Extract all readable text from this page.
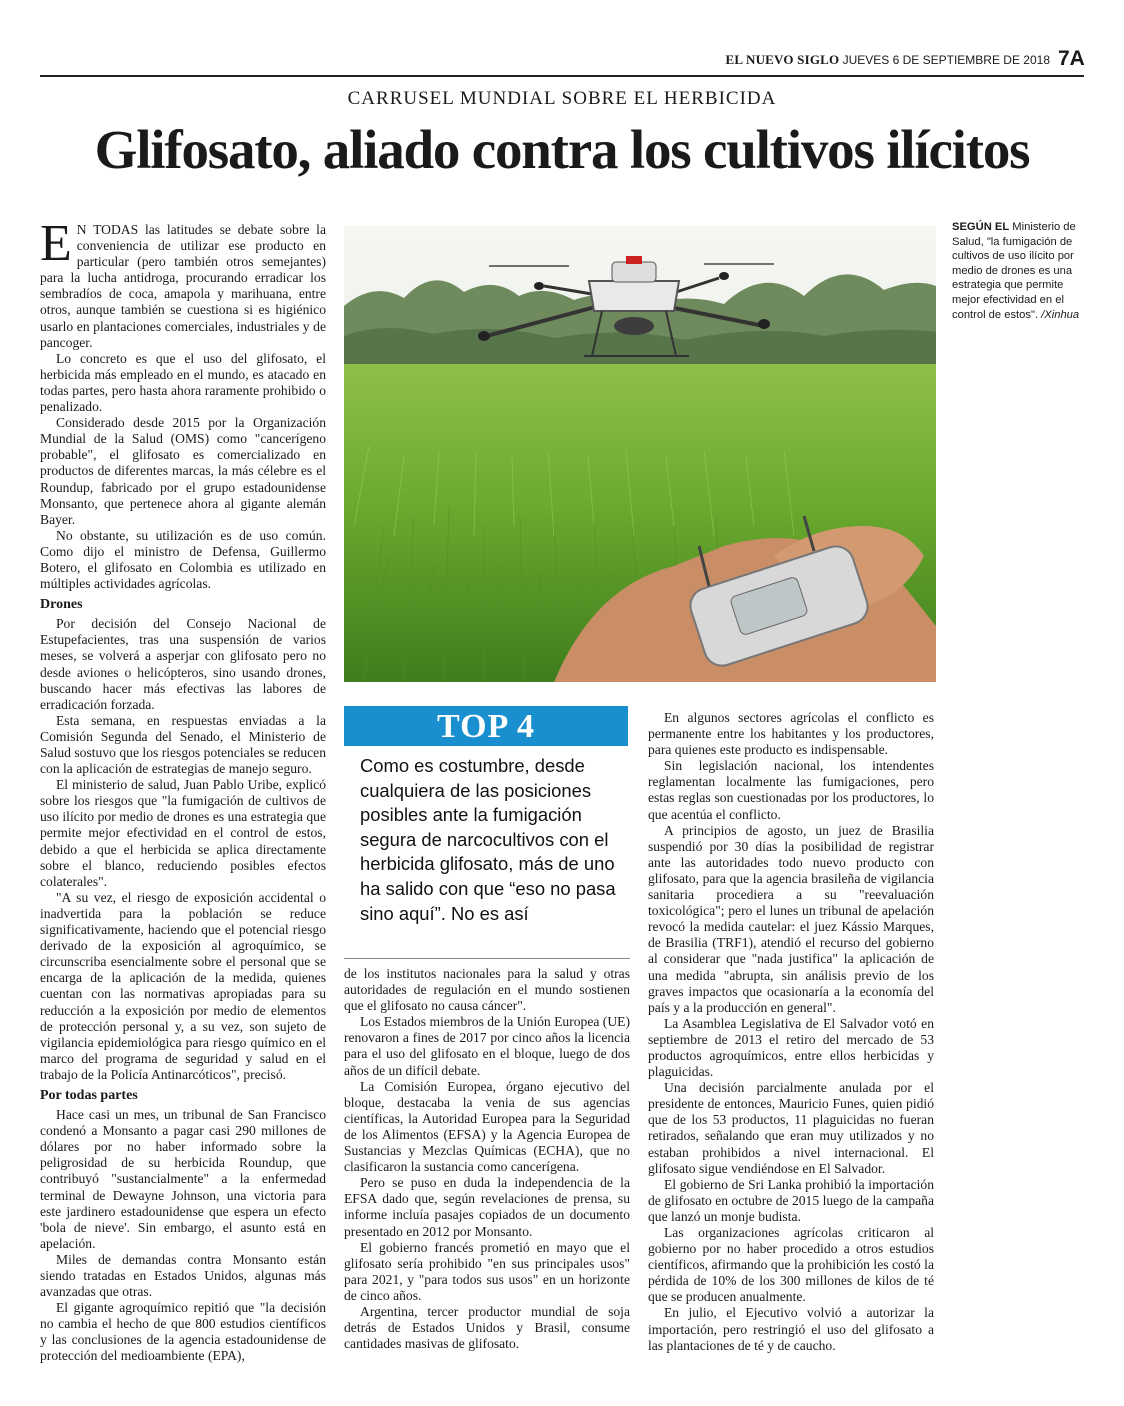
EL NUEVO SIGLO JUEVES 6 DE SEPTIEMBRE DE 2018 7A
CARRUSEL MUNDIAL SOBRE EL HERBICIDA
Glifosato, aliado contra los cultivos ilícitos

E N TODAS las latitudes se debate sobre la conveniencia de utilizar ese producto en particular (pero también otros semejantes) para la lucha antidroga, procurando erradicar los sembradíos de coca, amapola y marihuana, entre otros, aunque también se cuestiona si es higiénico usarlo en plantaciones comerciales, industriales y de pancoger.

Lo concreto es que el uso del glifosato, el herbicida más empleado en el mundo, es atacado en todas partes, pero hasta ahora raramente prohibido o penalizado.

Considerado desde 2015 por la Organización Mundial de la Salud (OMS) como "cancerígeno probable", el glifosato es comercializado en productos de diferentes marcas, la más célebre es el Roundup, fabricado por el grupo estadounidense Monsanto, que pertenece ahora al gigante alemán Bayer.

No obstante, su utilización es de uso común. Como dijo el ministro de Defensa, Guillermo Botero, el glifosato en Colombia es utilizado en múltiples actividades agrícolas.

Drones

Por decisión del Consejo Nacional de Estupefacientes, tras una suspensión de varios meses, se volverá a asperjar con glifosato pero no desde aviones o helicópteros, sino usando drones, buscando hacer más efectivas las labores de erradicación forzada.

Esta semana, en respuestas enviadas a la Comisión Segunda del Senado, el Ministerio de Salud sostuvo que los riesgos potenciales se reducen con la aplicación de estrategias de manejo seguro.

El ministerio de salud, Juan Pablo Uribe, explicó sobre los riesgos que "la fumigación de cultivos de uso ilícito por medio de drones es una estrategia que permite mejor efectividad en el control de estos, debido a que el herbicida se aplica directamente sobre el blanco, reduciendo posibles efectos colaterales".

"A su vez, el riesgo de exposición accidental o inadvertida para la población se reduce significativamente, haciendo que el potencial riesgo derivado de la exposición al agroquímico, se circunscriba esencialmente sobre el personal que se encarga de la aplicación de la medida, quienes cuentan con las normativas apropiadas para su reducción a la exposición por medio de elementos de protección personal y, a su vez, son sujeto de vigilancia epidemiológica para riesgo químico en el marco del programa de seguridad y salud en el trabajo de la Policía Antinarcóticos", precisó.

Por todas partes

Hace casi un mes, un tribunal de San Francisco condenó a Monsanto a pagar casi 290 millones de dólares por no haber informado sobre la peligrosidad de su herbicida Roundup, que contribuyó "sustancialmente" a la enfermedad terminal de Dewayne Johnson, una victoria para este jardinero estadounidense que espera un efecto 'bola de nieve'. Sin embargo, el asunto está en apelación.

Miles de demandas contra Monsanto están siendo tratadas en Estados Unidos, algunas más avanzadas que otras.

El gigante agroquímico repitió que "la decisión no cambia el hecho de que 800 estudios científicos y las conclusiones de la agencia estadounidense de protección del medioambiente (EPA),

SEGÚN EL Ministerio de Salud, "la fumigación de cultivos de uso ilícito por medio de drones es una estrategia que permite mejor efectividad en el control de estos". /Xinhua
TOP 4
Como es costumbre, desde cualquiera de las posiciones posibles ante la fumigación segura de narcocultivos con el herbicida glifosato, más de uno ha salido con que “eso no pasa sino aquí”. No es así

de los institutos nacionales para la salud y otras autoridades de regulación en el mundo sostienen que el glifosato no causa cáncer".

Los Estados miembros de la Unión Europea (UE) renovaron a fines de 2017 por cinco años la licencia para el uso del glifosato en el bloque, luego de dos años de un difícil debate.

La Comisión Europea, órgano ejecutivo del bloque, destacaba la venia de sus agencias científicas, la Autoridad Europea para la Seguridad de los Alimentos (EFSA) y la Agencia Europea de Sustancias y Mezclas Químicas (ECHA), que no clasificaron la sustancia como cancerígena.

Pero se puso en duda la independencia de la EFSA dado que, según revelaciones de prensa, su informe incluía pasajes copiados de un documento presentado en 2012 por Monsanto.

El gobierno francés prometió en mayo que el glifosato sería prohibido "en sus principales usos" para 2021, y "para todos sus usos" en un horizonte de cinco años.

Argentina, tercer productor mundial de soja detrás de Estados Unidos y Brasil, consume cantidades masivas de glifosato.

En algunos sectores agrícolas el conflicto es permanente entre los habitantes y los productores, para quienes este producto es indispensable.

Sin legislación nacional, los intendentes reglamentan localmente las fumigaciones, pero estas reglas son cuestionadas por los productores, lo que acentúa el conflicto.

A principios de agosto, un juez de Brasilia suspendió por 30 días la posibilidad de registrar ante las autoridades todo nuevo producto con glifosato, para que la agencia brasileña de vigilancia sanitaria procediera a su "reevaluación toxicológica"; pero el lunes un tribunal de apelación revocó la medida cautelar: el juez Kássio Marques, de Brasilia (TRF1), atendió el recurso del gobierno al considerar que "nada justifica" la aplicación de una medida "abrupta, sin análisis previo de los graves impactos que ocasionaría a la economía del país y a la producción en general".

La Asamblea Legislativa de El Salvador votó en septiembre de 2013 el retiro del mercado de 53 productos agroquímicos, entre ellos herbicidas y plaguicidas.

Una decisión parcialmente anulada por el presidente de entonces, Mauricio Funes, quien pidió que de los 53 productos, 11 plaguicidas no fueran retirados, señalando que eran muy utilizados y no estaban prohibidos a nivel internacional. El glifosato sigue vendiéndose en El Salvador.

El gobierno de Sri Lanka prohibió la importación de glifosato en octubre de 2015 luego de la campaña que lanzó un monje budista.

Las organizaciones agrícolas criticaron al gobierno por no haber procedido a otros estudios científicos, afirmando que la prohibición les costó la pérdida de 10% de los 300 millones de kilos de té que se producen anualmente.

En julio, el Ejecutivo volvió a autorizar la importación, pero restringió el uso del glifosato a las plantaciones de té y de caucho.
